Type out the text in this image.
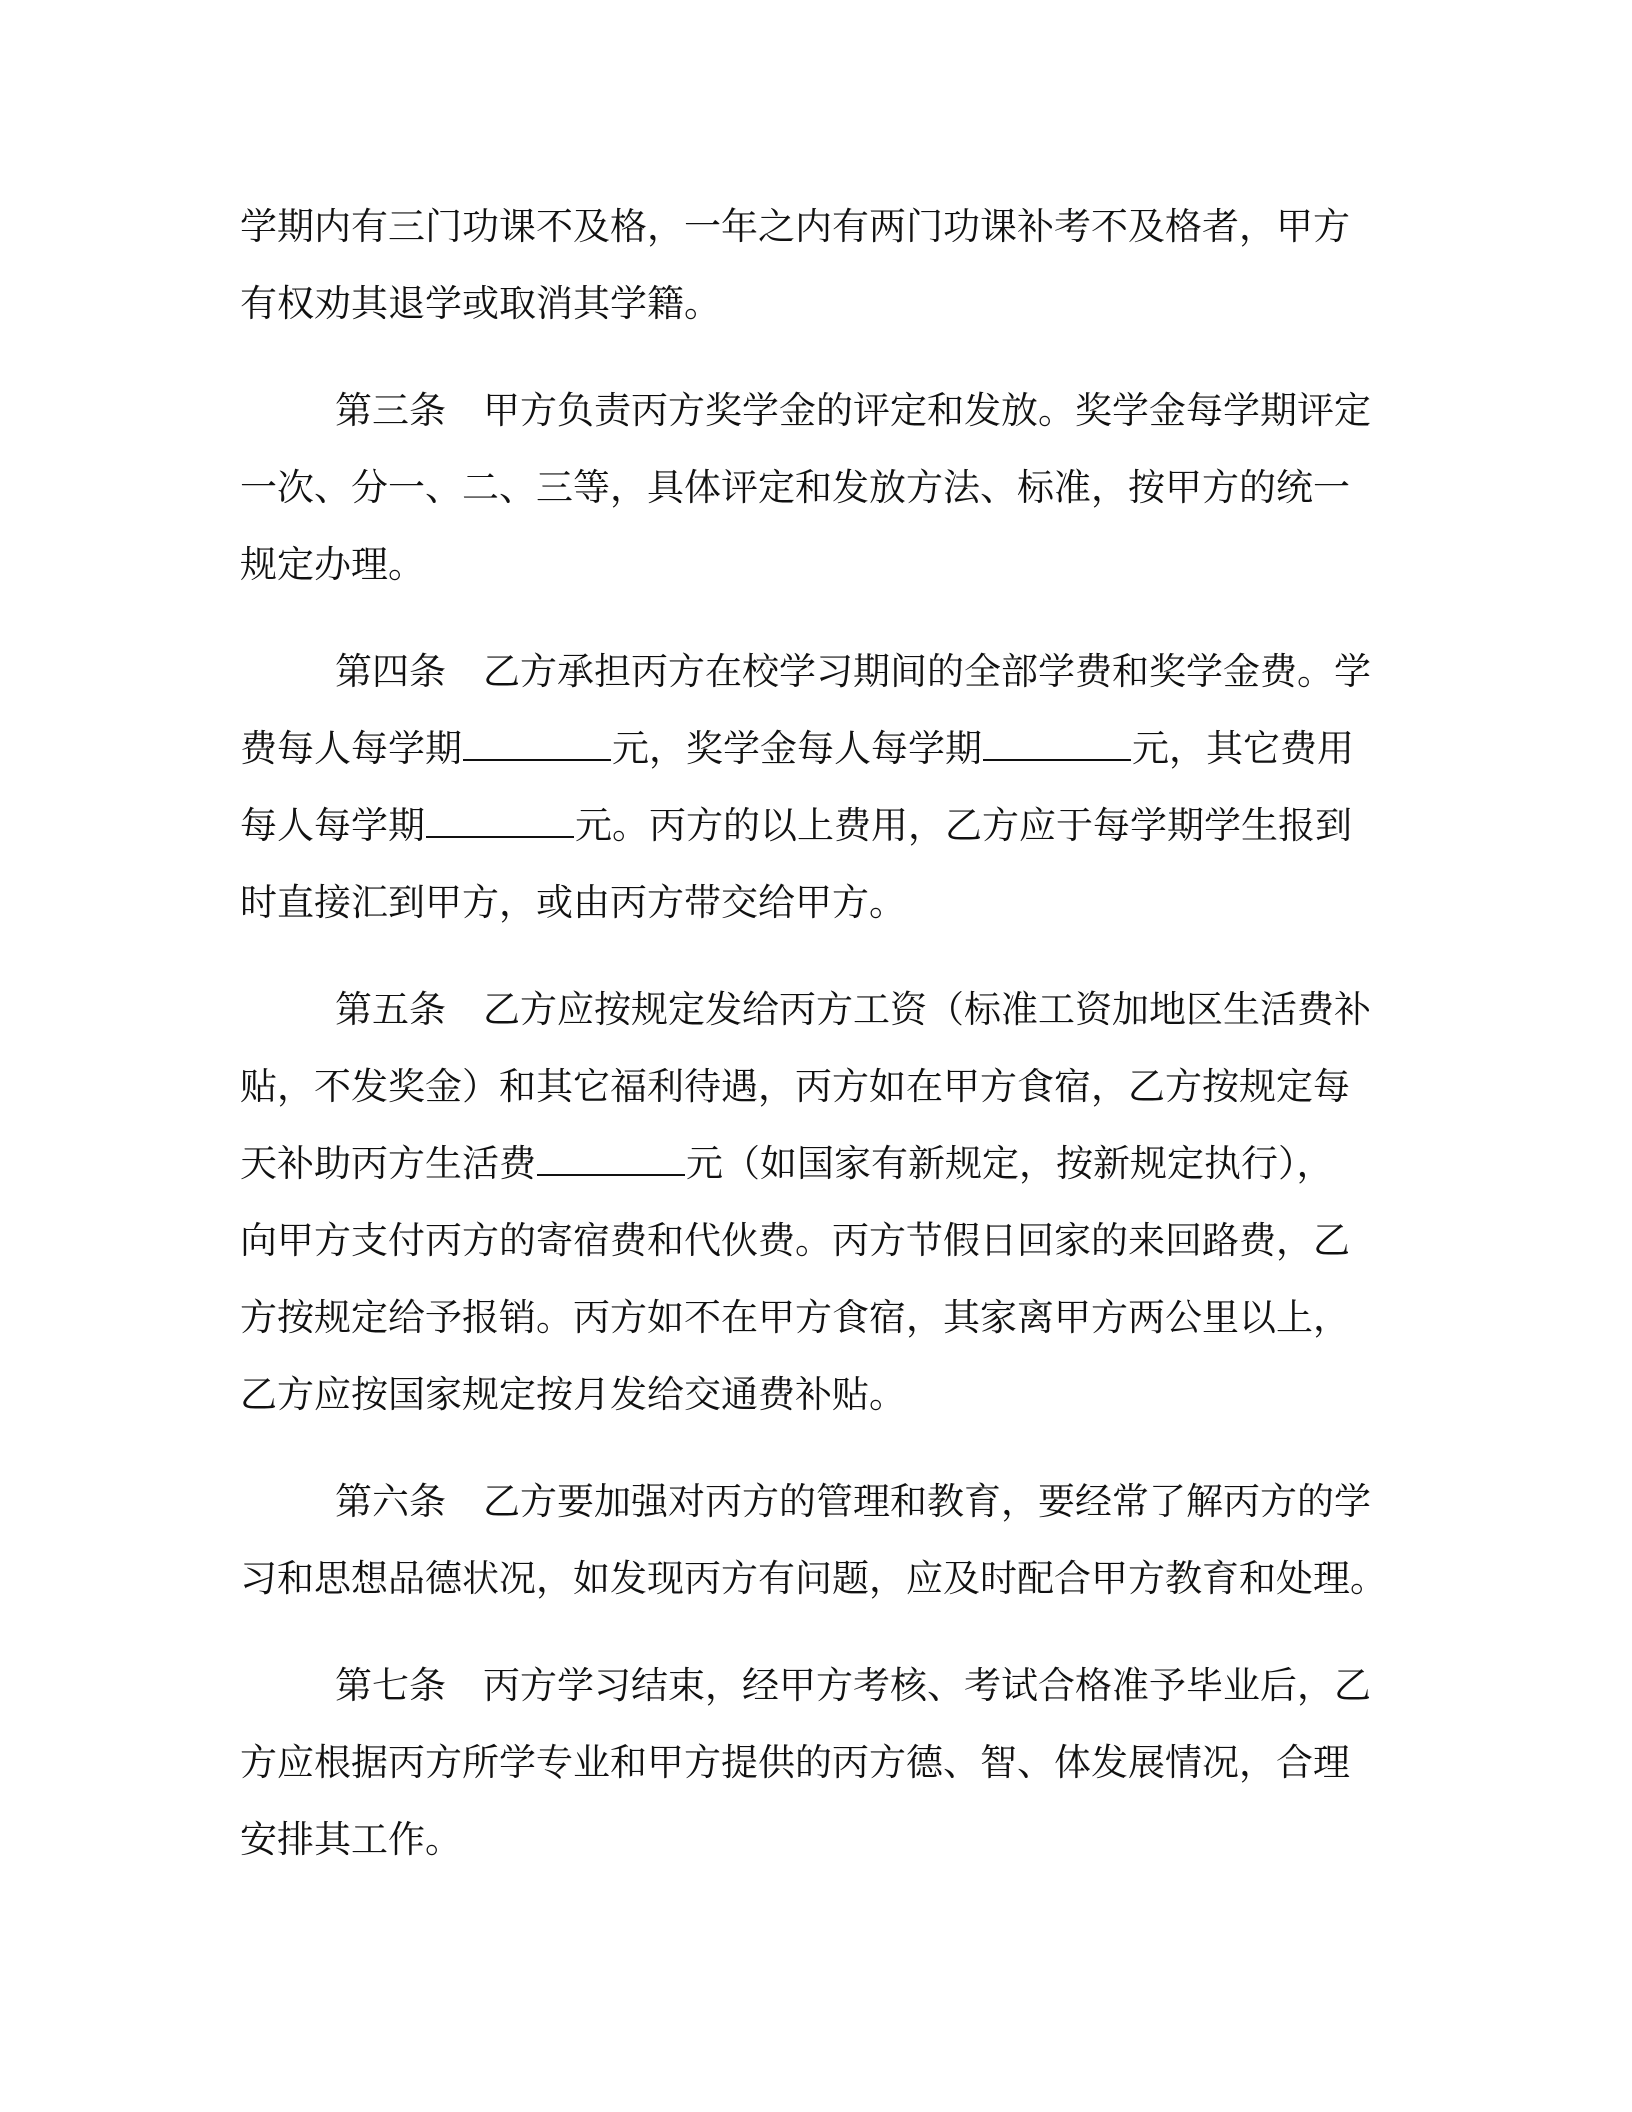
学期内有三门功课不及格，一年之内有两门功课补考不及格者，甲方
有权劝其退学或取消其学籍。
第三条　甲方负责丙方奖学金的评定和发放。奖学金每学期评定
一次、分一、二、三等，具体评定和发放方法、标准，按甲方的统一
规定办理。
第四条　乙方承担丙方在校学习期间的全部学费和奖学金费。学
费每人每学期	元，奖学金每人每学期	元，其它费用
每人每学期	元。丙方的以上费用，乙方应于每学期学生报到
时直接汇到甲方，或由丙方带交给甲方。
第五条　乙方应按规定发给丙方工资（标准工资加地区生活费补
贴，不发奖金）和其它福利待遇，丙方如在甲方食宿，乙方按规定每
天补助丙方生活费	元（如国家有新规定，按新规定执行），
向甲方支付丙方的寄宿费和代伙费。丙方节假日回家的来回路费，乙
方按规定给予报销。丙方如不在甲方食宿，其家离甲方两公里以上，
乙方应按国家规定按月发给交通费补贴。
第六条　乙方要加强对丙方的管理和教育，要经常了解丙方的学
习和思想品德状况，如发现丙方有问题，应及时配合甲方教育和处理。
第七条　丙方学习结束，经甲方考核、考试合格准予毕业后，乙
方应根据丙方所学专业和甲方提供的丙方德、智、体发展情况，合理
安排其工作。
